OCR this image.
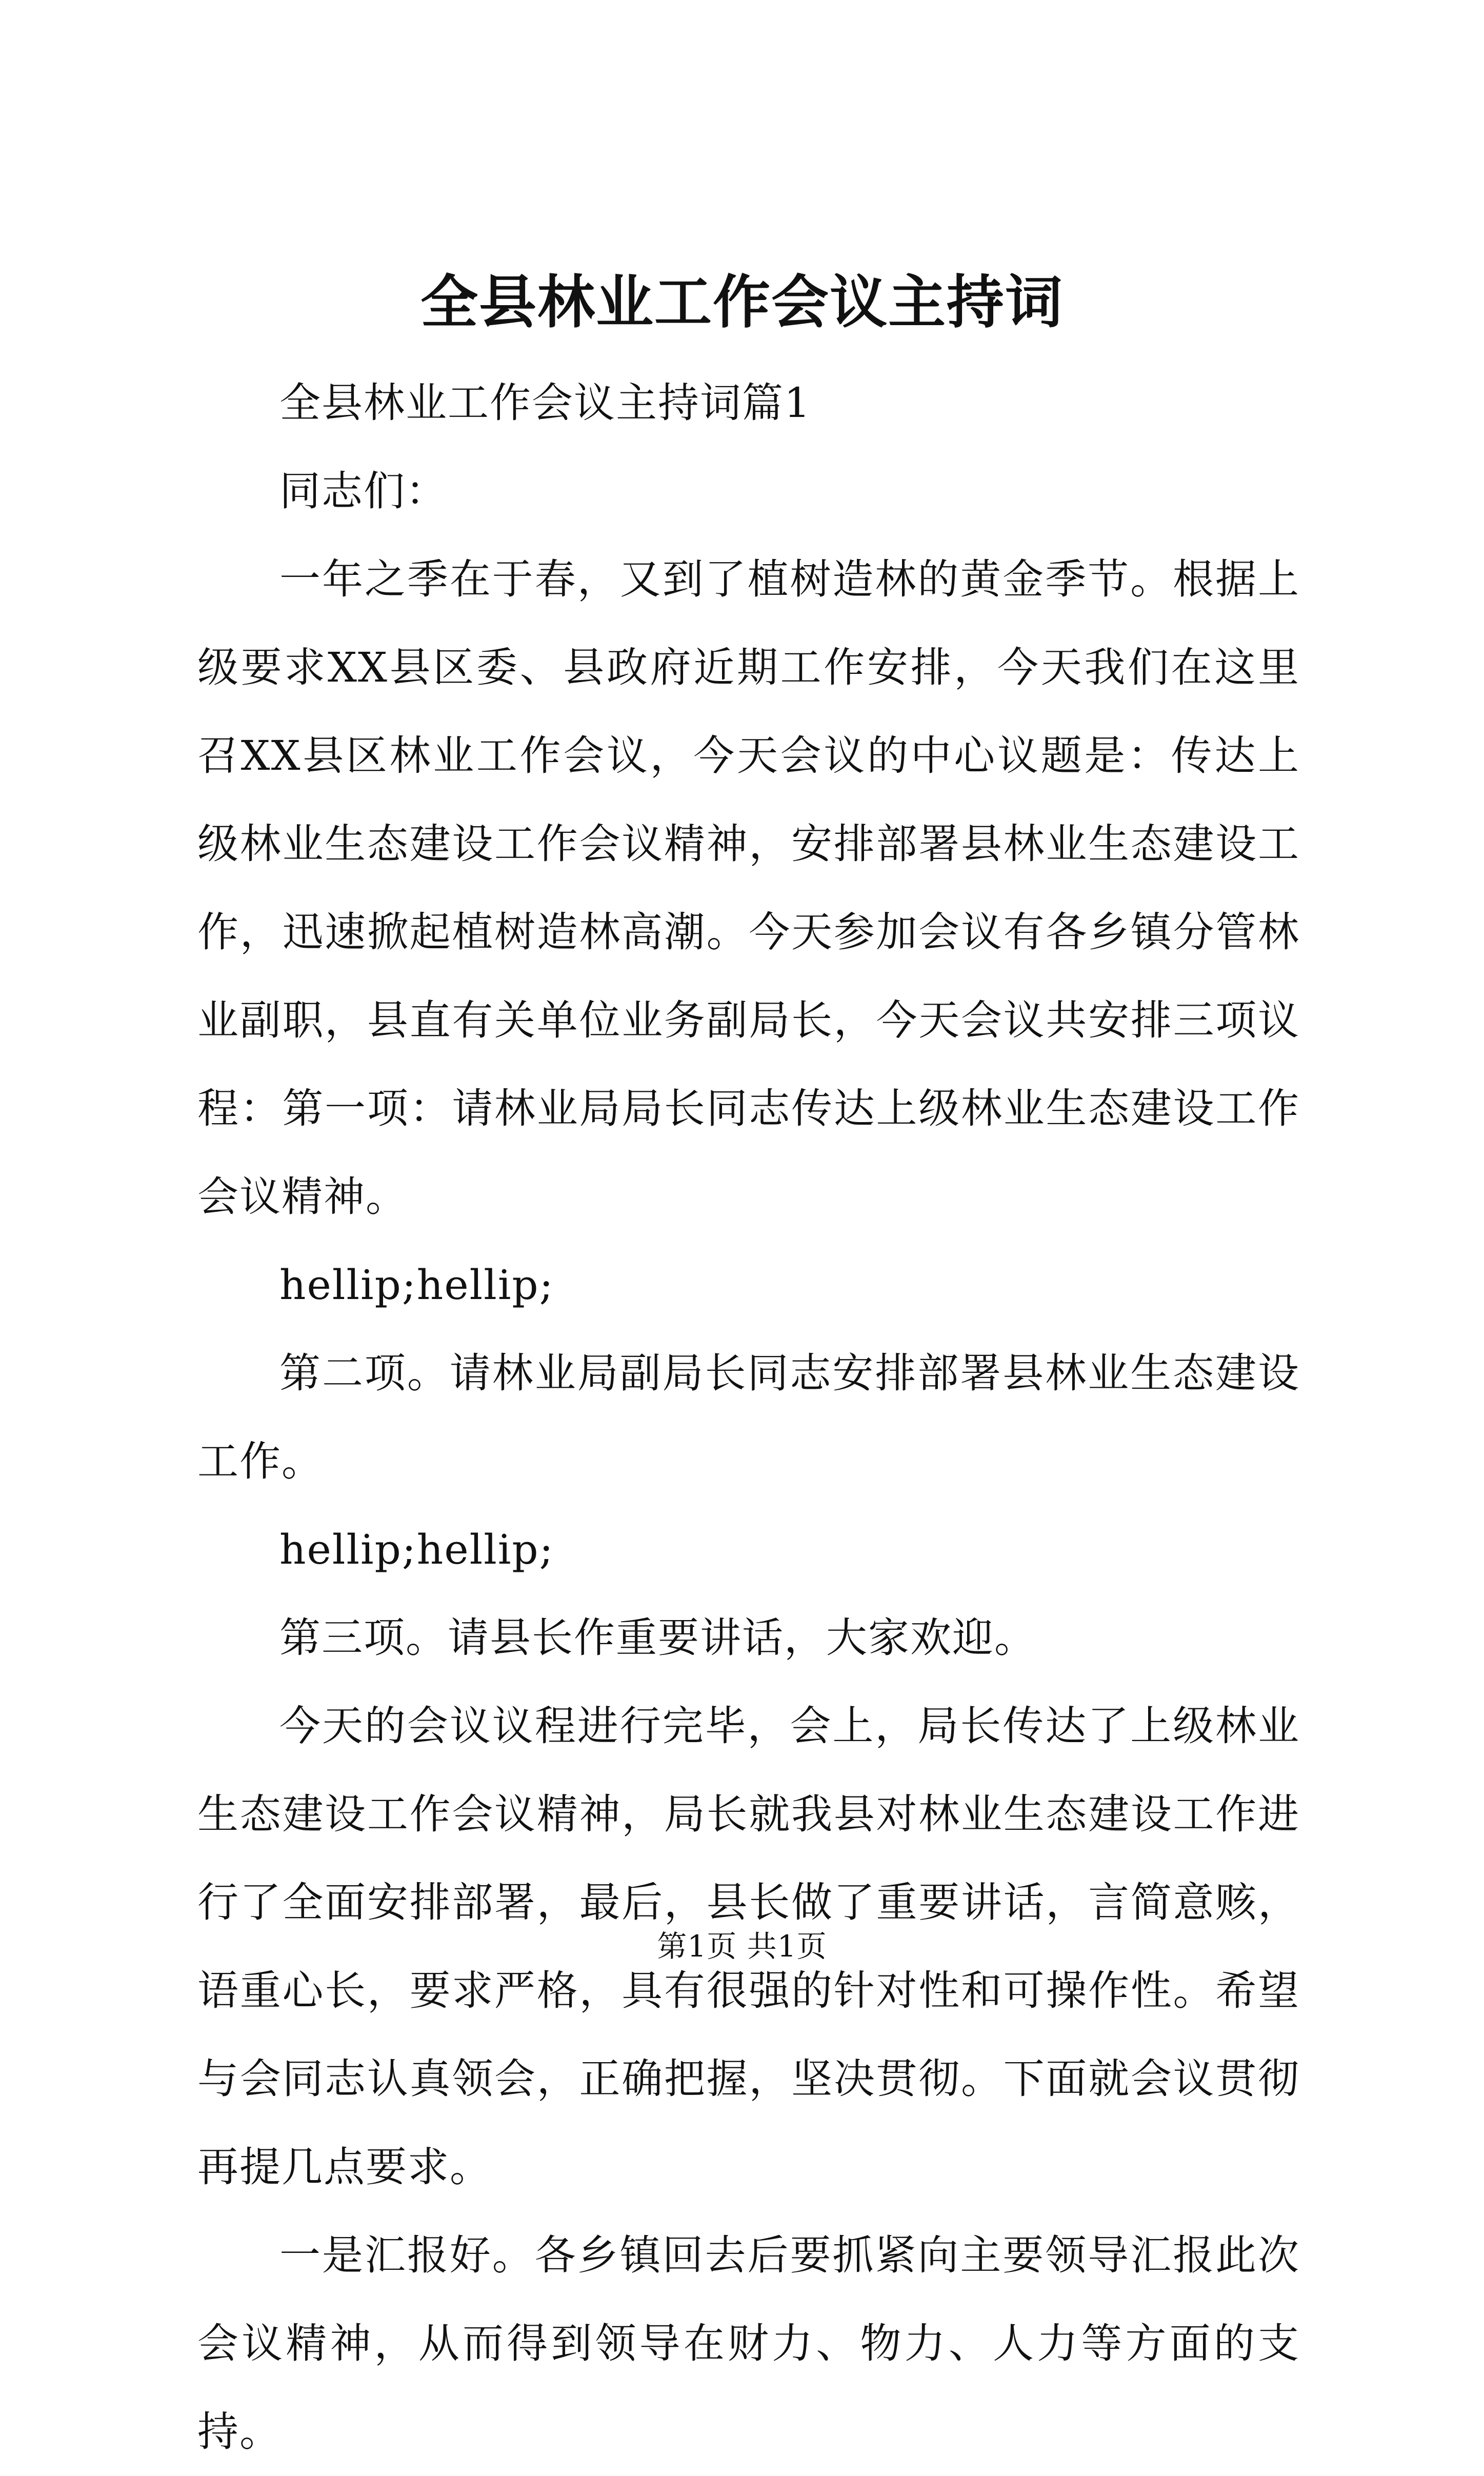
全县林业工作会议主持词

全县林业工作会议主持词篇1

同志们：

一年之季在于春，又到了植树造林的黄金季节。根据上级要求XX县区委、县政府近期工作安排，今天我们在这里召XX县区林业工作会议，今天会议的中心议题是：传达上级林业生态建设工作会议精神，安排部署县林业生态建设工作，迅速掀起植树造林高潮。今天参加会议有各乡镇分管林业副职，县直有关单位业务副局长，今天会议共安排三项议程：第一项：请林业局局长同志传达上级林业生态建设工作会议精神。

hellip;hellip;

第二项。请林业局副局长同志安排部署县林业生态建设工作。

hellip;hellip;

第三项。请县长作重要讲话，大家欢迎。

今天的会议议程进行完毕，会上，局长传达了上级林业生态建设工作会议精神，局长就我县对林业生态建设工作进行了全面安排部署，最后，县长做了重要讲话，言简意赅，语重心长，要求严格，具有很强的针对性和可操作性。希望与会同志认真领会，正确把握，坚决贯彻。下面就会议贯彻再提几点要求。

一是汇报好。各乡镇回去后要抓紧向主要领导汇报此次会议精神，从而得到领导在财力、物力、人力等方面的支持。

第1页 共1页
